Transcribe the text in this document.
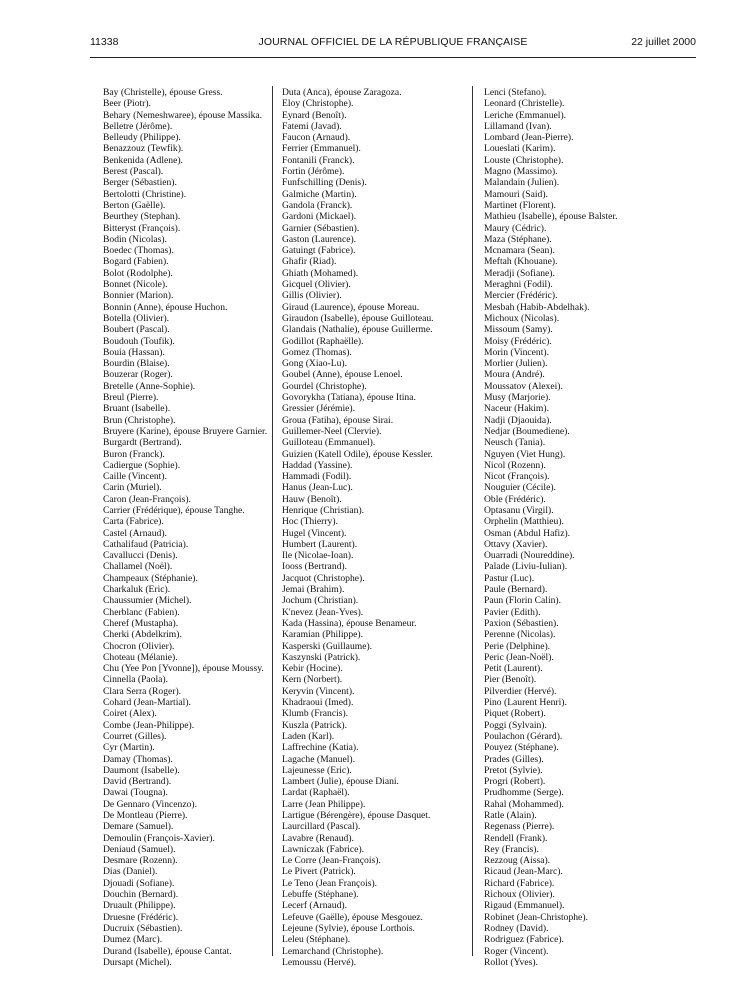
11338	JOURNAL OFFICIEL DE LA RÉPUBLIQUE FRANÇAISE	22 juillet 2000
Bay (Christelle), épouse Gress.
Beer (Piotr).
Behary (Nemeshwaree), épouse Massika.
Belletre (Jérôme).
Belleudy (Philippe).
Benazzouz (Tewfik).
Benkenida (Adlene).
Berest (Pascal).
Berger (Sébastien).
Bertolotti (Christine).
Berton (Gaëlle).
Beurthey (Stephan).
Bitteryst (François).
Bodin (Nicolas).
Boedec (Thomas).
Bogard (Fabien).
Bolot (Rodolphe).
Bonnet (Nicole).
Bonnier (Marion).
Bonnin (Anne), épouse Huchon.
Botella (Olivier).
Boubert (Pascal).
Boudouh (Toufik).
Bouia (Hassan).
Bourdin (Blaise).
Bouzerar (Roger).
Bretelle (Anne-Sophie).
Breul (Pierre).
Bruant (Isabelle).
Brun (Christophe).
Bruyere (Karine), épouse Bruyere Garnier.
Burgardt (Bertrand).
Buron (Franck).
Cadiergue (Sophie).
Caille (Vincent).
Carin (Muriel).
Caron (Jean-François).
Carrier (Frédérique), épouse Tanghe.
Carta (Fabrice).
Castel (Arnaud).
Cathalifaud (Patricia).
Cavallucci (Denis).
Challamel (Noël).
Champeaux (Stéphanie).
Charkaluk (Eric).
Chaussumier (Michel).
Cherblanc (Fabien).
Cheref (Mustapha).
Cherki (Abdelkrim).
Chocron (Olivier).
Choteau (Mélanie).
Chu (Yee Pon [Yvonne]), épouse Moussy.
Cinnella (Paola).
Clara Serra (Roger).
Cohard (Jean-Martial).
Coiret (Alex).
Combe (Jean-Philippe).
Courret (Gilles).
Cyr (Martin).
Damay (Thomas).
Daumont (Isabelle).
David (Bertrand).
Dawai (Tougna).
De Gennaro (Vincenzo).
De Montleau (Pierre).
Demare (Samuel).
Demoulin (François-Xavier).
Deniaud (Samuel).
Desmare (Rozenn).
Dias (Daniel).
Djouadi (Sofiane).
Douchin (Bernard).
Druault (Philippe).
Druesne (Frédéric).
Ducruix (Sébastien).
Dumez (Marc).
Durand (Isabelle), épouse Cantat.
Dursapt (Michel).
Duta (Anca), épouse Zaragoza.
Eloy (Christophe).
Eynard (Benoît).
Fatemi (Javad).
Faucon (Arnaud).
Ferrier (Emmanuel).
Fontanili (Franck).
Fortin (Jérôme).
Funfschilling (Denis).
Galmiche (Martin).
Gandola (Franck).
Gardoni (Mickael).
Garnier (Sébastien).
Gaston (Laurence).
Gatuingt (Fabrice).
Ghafir (Riad).
Ghiath (Mohamed).
Gicquel (Olivier).
Gillis (Olivier).
Giraud (Laurence), épouse Moreau.
Giraudon (Isabelle), épouse Guilloteau.
Glandais (Nathalie), épouse Guillerme.
Godillot (Raphaëlle).
Gomez (Thomas).
Gong (Xiao-Lu).
Goubel (Anne), épouse Lenoel.
Gourdel (Christophe).
Govorykha (Tatiana), épouse Itina.
Gressier (Jérémie).
Groua (Fatiha), épouse Sirai.
Guillemer-Neel (Clervie).
Guilloteau (Emmanuel).
Guizien (Katell Odile), épouse Kessler.
Haddad (Yassine).
Hammadi (Fodil).
Hanus (Jean-Luc).
Hauw (Benoît).
Henrique (Christian).
Hoc (Thierry).
Hugel (Vincent).
Humbert (Laurent).
Ile (Nicolae-Ioan).
Iooss (Bertrand).
Jacquot (Christophe).
Jemai (Brahim).
Jochum (Christian).
K'nevez (Jean-Yves).
Kada (Hassina), épouse Benameur.
Karamian (Philippe).
Kasperski (Guillaume).
Kaszynski (Patrick).
Kebir (Hocine).
Kern (Norbert).
Keryvin (Vincent).
Khadraoui (Imed).
Klumb (Francis).
Kuszla (Patrick).
Laden (Karl).
Laffrechine (Katia).
Lagache (Manuel).
Lajeunesse (Eric).
Lambert (Julie), épouse Diani.
Lardat (Raphaël).
Larre (Jean Philippe).
Lartigue (Bérengère), épouse Dasquet.
Laurcillard (Pascal).
Lavabre (Renaud).
Lawniczak (Fabrice).
Le Corre (Jean-François).
Le Pivert (Patrick).
Le Teno (Jean François).
Lebuffe (Stéphane).
Lecerf (Arnaud).
Lefeuve (Gaëlle), épouse Mesgouez.
Lejeune (Sylvie), épouse Lorthois.
Leleu (Stéphane).
Lemarchand (Christophe).
Lemoussu (Hervé).
Lenci (Stefano).
Leonard (Christelle).
Leriche (Emmanuel).
Lillamand (Ivan).
Lombard (Jean-Pierre).
Loueslati (Karim).
Louste (Christophe).
Magno (Massimo).
Malandain (Julien).
Mamouri (Said).
Martinet (Florent).
Mathieu (Isabelle), épouse Balster.
Maury (Cédric).
Maza (Stéphane).
Mcnamara (Sean).
Meftah (Khouane).
Meradji (Sofiane).
Meraghni (Fodil).
Mercier (Frédéric).
Mesbah (Habib-Abdelhak).
Michoux (Nicolas).
Missoum (Samy).
Moisy (Frédéric).
Morin (Vincent).
Morlier (Julien).
Moura (André).
Moussatov (Alexei).
Musy (Marjorie).
Naceur (Hakim).
Nadji (Djaouida).
Nedjar (Boumediene).
Neusch (Tania).
Nguyen (Viet Hung).
Nicol (Rozenn).
Nicot (François).
Nouguier (Cécile).
Oble (Frédéric).
Optasanu (Virgil).
Orphelin (Matthieu).
Osman (Abdul Hafiz).
Ottavy (Xavier).
Ouarradi (Noureddine).
Palade (Liviu-Iulian).
Pastur (Luc).
Paule (Bernard).
Paun (Florin Calin).
Pavier (Edith).
Paxion (Sébastien).
Perenne (Nicolas).
Perie (Delphine).
Peric (Jean-Noël).
Petit (Laurent).
Pier (Benoît).
Pilverdier (Hervé).
Pino (Laurent Henri).
Piquet (Robert).
Poggi (Sylvain).
Poulachon (Gérard).
Pouyez (Stéphane).
Prades (Gilles).
Pretot (Sylvie).
Progri (Robert).
Prudhomme (Serge).
Rahal (Mohammed).
Ratle (Alain).
Regenass (Pierre).
Rendell (Frank).
Rey (Francis).
Rezzoug (Aissa).
Ricaud (Jean-Marc).
Richard (Fabrice).
Richoux (Olivier).
Rigaud (Emmanuel).
Robinet (Jean-Christophe).
Rodney (David).
Rodriguez (Fabrice).
Roger (Vincent).
Rollot (Yves).
